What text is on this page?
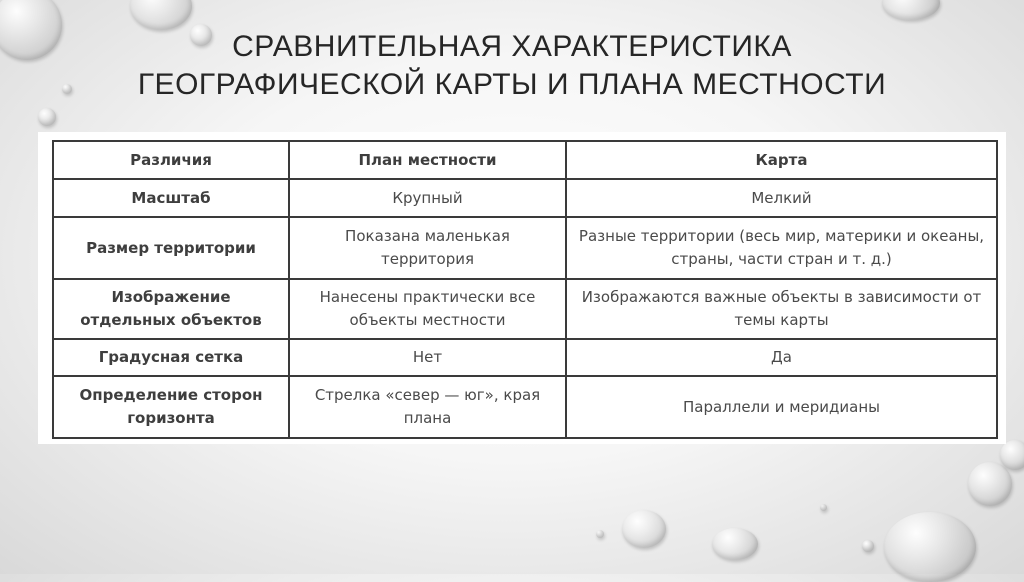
СРАВНИТЕЛЬНАЯ ХАРАКТЕРИСТИКА
ГЕОГРАФИЧЕСКОЙ КАРТЫ И ПЛАНА МЕСТНОСТИ
Различия	План местности	Карта
Масштаб	Крупный	Мелкий
Размер территории	Показана маленькая территория	Разные территории (весь мир, материки и океаны, страны, части стран и т. д.)
Изображение отдельных объектов	Нанесены практически все объекты местности	Изображаются важные объекты в зависимости от темы карты
Градусная сетка	Нет	Да
Определение сторон горизонта	Стрелка «север — юг», края плана	Параллели и меридианы
